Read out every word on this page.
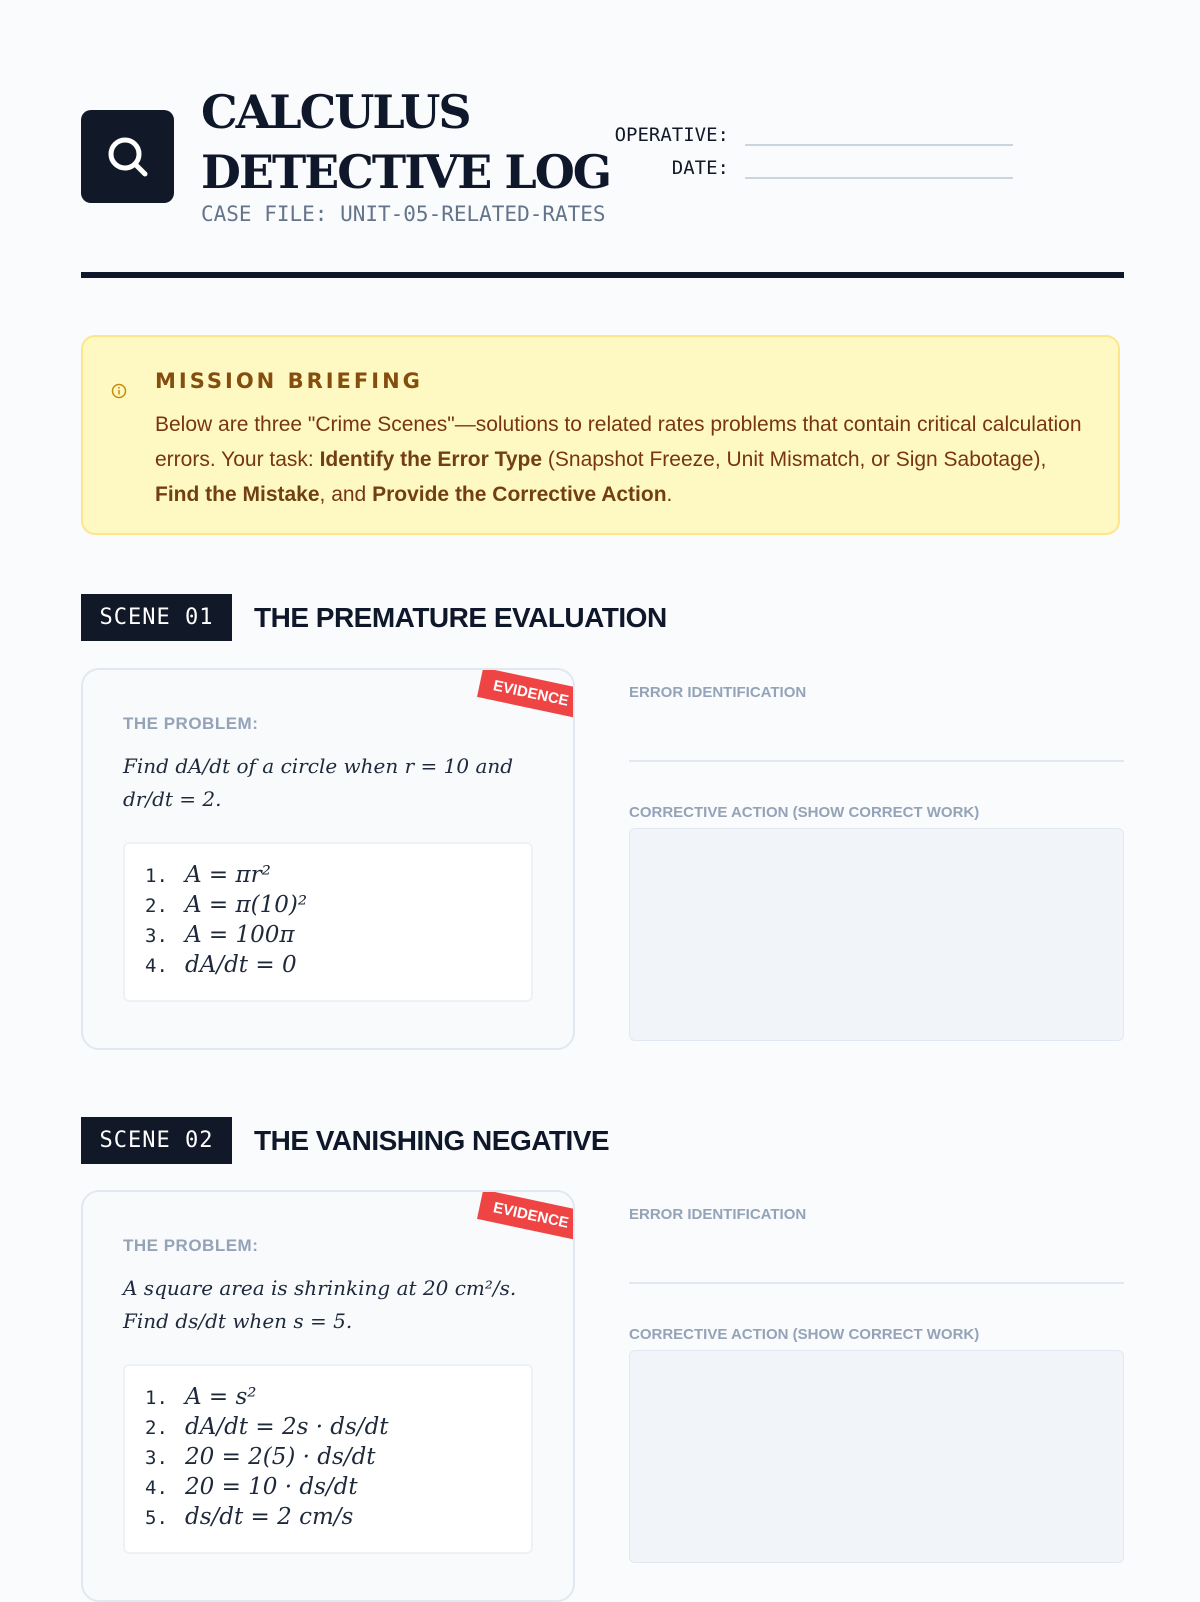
CALCULUS DETECTIVE LOG
CASE FILE: UNIT-05-RELATED-RATES
OPERATIVE:
DATE:
MISSION BRIEFING
Below are three "Crime Scenes"—solutions to related rates problems that contain critical calculation errors. Your task: Identify the Error Type (Snapshot Freeze, Unit Mismatch, or Sign Sabotage), Find the Mistake, and Provide the Corrective Action.
SCENE 01	THE PREMATURE EVALUATION
EVIDENCE
THE PROBLEM:
Find dA/dt of a circle when r = 10 and dr/dt = 2.
1. A = πr²
2. A = π(10)²
3. A = 100π
4. dA/dt = 0
ERROR IDENTIFICATION
CORRECTIVE ACTION (SHOW CORRECT WORK)
SCENE 02	THE VANISHING NEGATIVE
EVIDENCE
THE PROBLEM:
A square area is shrinking at 20 cm²/s. Find ds/dt when s = 5.
1. A = s²
2. dA/dt = 2s · ds/dt
3. 20 = 2(5) · ds/dt
4. 20 = 10 · ds/dt
5. ds/dt = 2 cm/s
ERROR IDENTIFICATION
CORRECTIVE ACTION (SHOW CORRECT WORK)
